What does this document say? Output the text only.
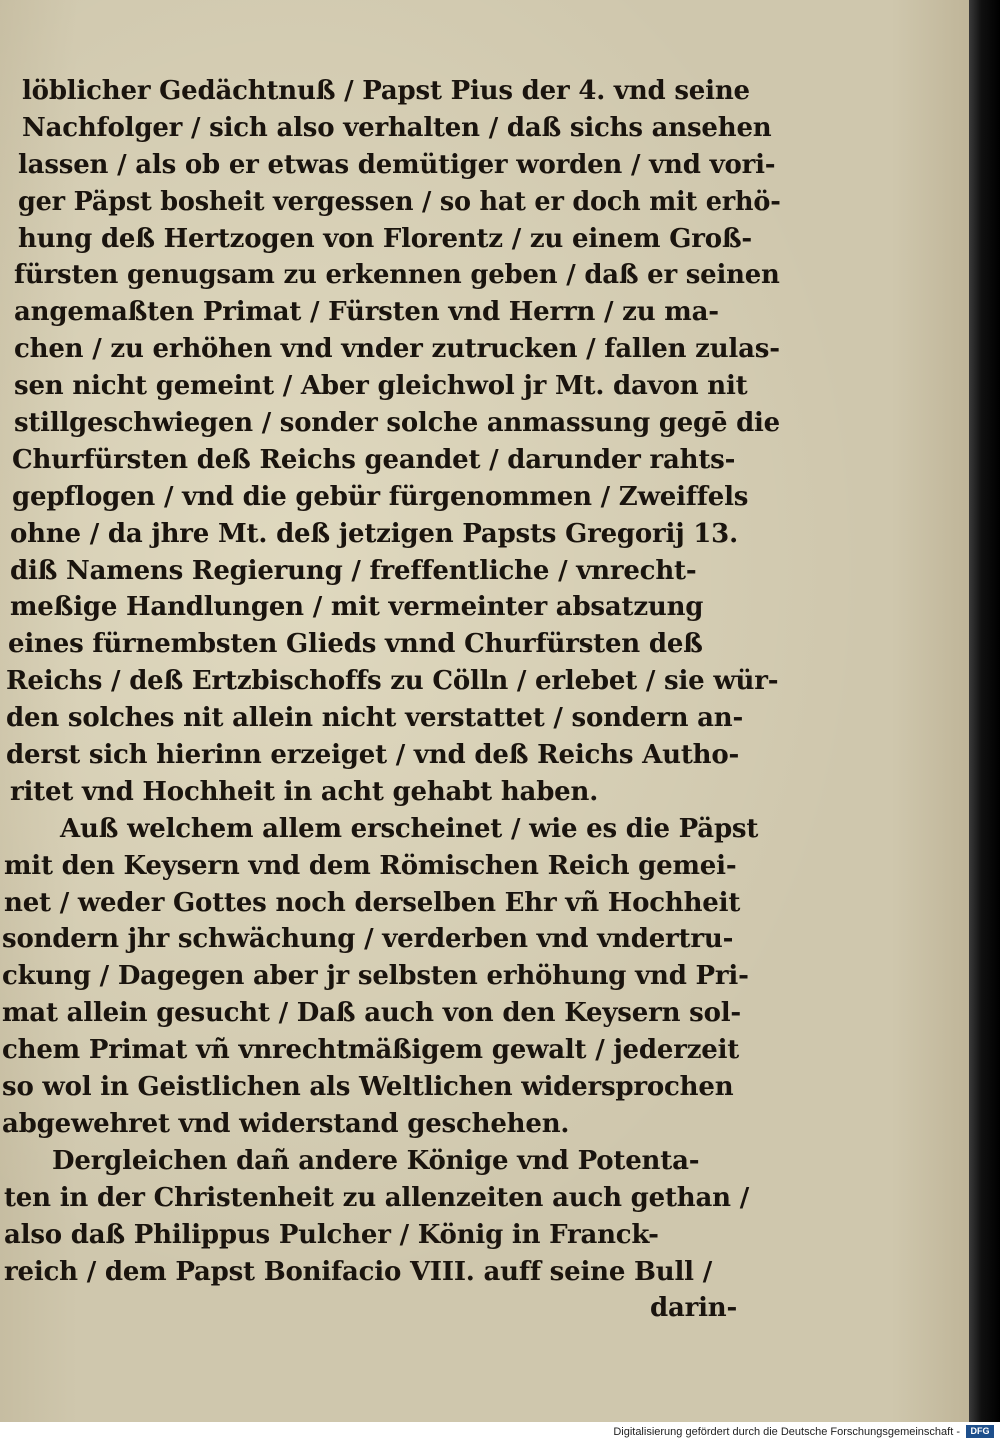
löblicher Gedächtnuß / Papst Pius der 4. vnd seine
Nachfolger / sich also verhalten / daß sichs ansehen
lassen / als ob er etwas demütiger worden / vnd vori-
ger Päpst bosheit vergessen / so hat er doch mit erhö-
hung deß Hertzogen von Florentz / zu einem Groß-
fürsten genugsam zu erkennen geben / daß er seinen
angemaßten Primat / Fürsten vnd Herrn / zu ma-
chen / zu erhöhen vnd vnder zutrucken / fallen zulas-
sen nicht gemeint / Aber gleichwol jr Mt. davon nit
stillgeschwiegen / sonder solche anmassung gegē die
Churfürsten deß Reichs geandet / darunder rahts-
gepflogen / vnd die gebür fürgenommen / Zweiffels
ohne / da jhre Mt. deß jetzigen Papsts Gregorij 13.
diß Namens Regierung / freffentliche / vnrecht-
meßige Handlungen / mit vermeinter absatzung
eines fürnembsten Glieds vnnd Churfürsten deß
Reichs / deß Ertzbischoffs zu Cölln / erlebet / sie wür-
den solches nit allein nicht verstattet / sondern an-
derst sich hierinn erzeiget / vnd deß Reichs Autho-
ritet vnd Hochheit in acht gehabt haben.
Auß welchem allem erscheinet / wie es die Päpst
mit den Keysern vnd dem Römischen Reich gemei-
net / weder Gottes noch derselben Ehr vñ Hochheit
sondern jhr schwächung / verderben vnd vndertru-
ckung / Dagegen aber jr selbsten erhöhung vnd Pri-
mat allein gesucht / Daß auch von den Keysern sol-
chem Primat vñ vnrechtmäßigem gewalt / jederzeit
so wol in Geistlichen als Weltlichen widersprochen
abgewehret vnd widerstand geschehen.
Dergleichen dañ andere Könige vnd Potenta-
ten in der Christenheit zu allenzeiten auch gethan /
also daß Philippus Pulcher / König in Franck-
reich / dem Papst Bonifacio VIII. auff seine Bull /
darin-
Digitalisierung gefördert durch die Deutsche Forschungsgemeinschaft -	DFG
